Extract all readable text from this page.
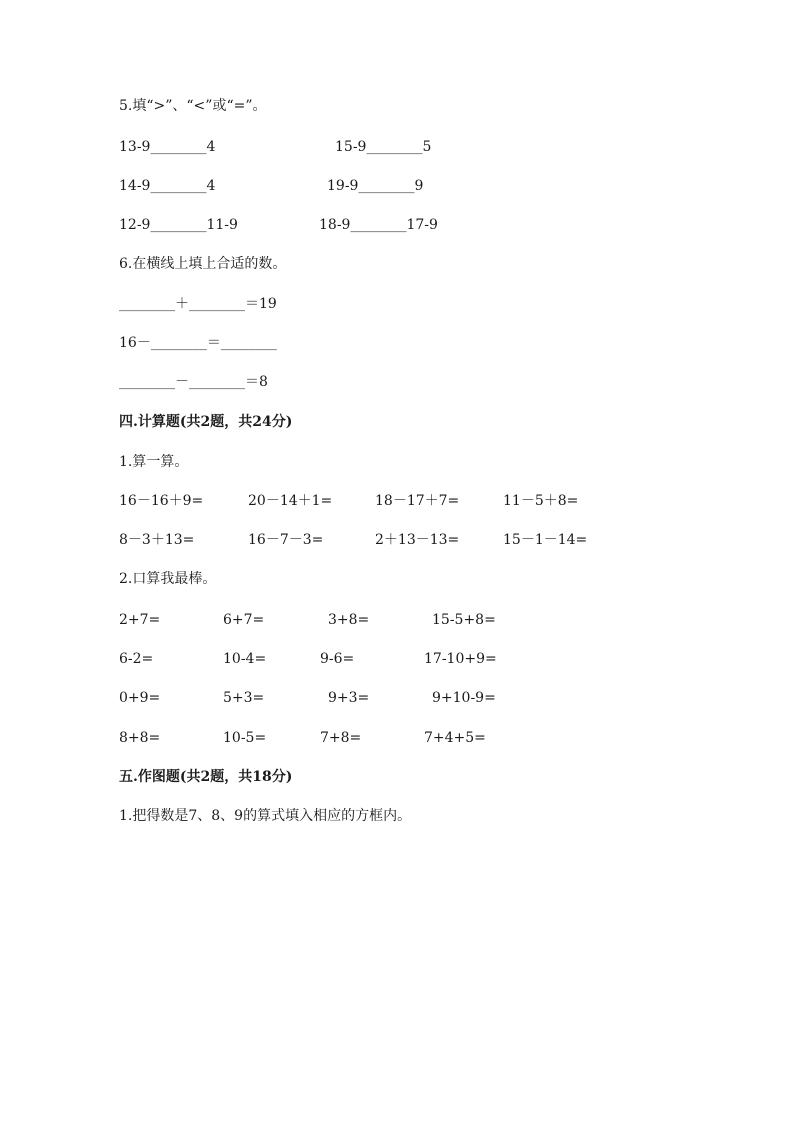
5.填“>”、“<”或“=”。
13-9________4	15-9________5
14-9________4	19-9________9
12-9________11-9	18-9________17-9
6.在横线上填上合适的数。
________＋________＝19
16－________＝________
________－________＝8
四.计算题(共2题，共24分)
1.算一算。
16－16＋9=	20－14＋1=	18－17＋7=	11－5＋8=
8－3＋13=	16－7－3=	2＋13－13=	15－1－14=
2.口算我最棒。
2+7=	6+7=	3+8=	15-5+8=
6-2=	10-4=	9-6=	17-10+9=
0+9=	5+3=	9+3=	9+10-9=
8+8=	10-5=	7+8=	7+4+5=
五.作图题(共2题，共18分)
1.把得数是7、8、9的算式填入相应的方框内。
